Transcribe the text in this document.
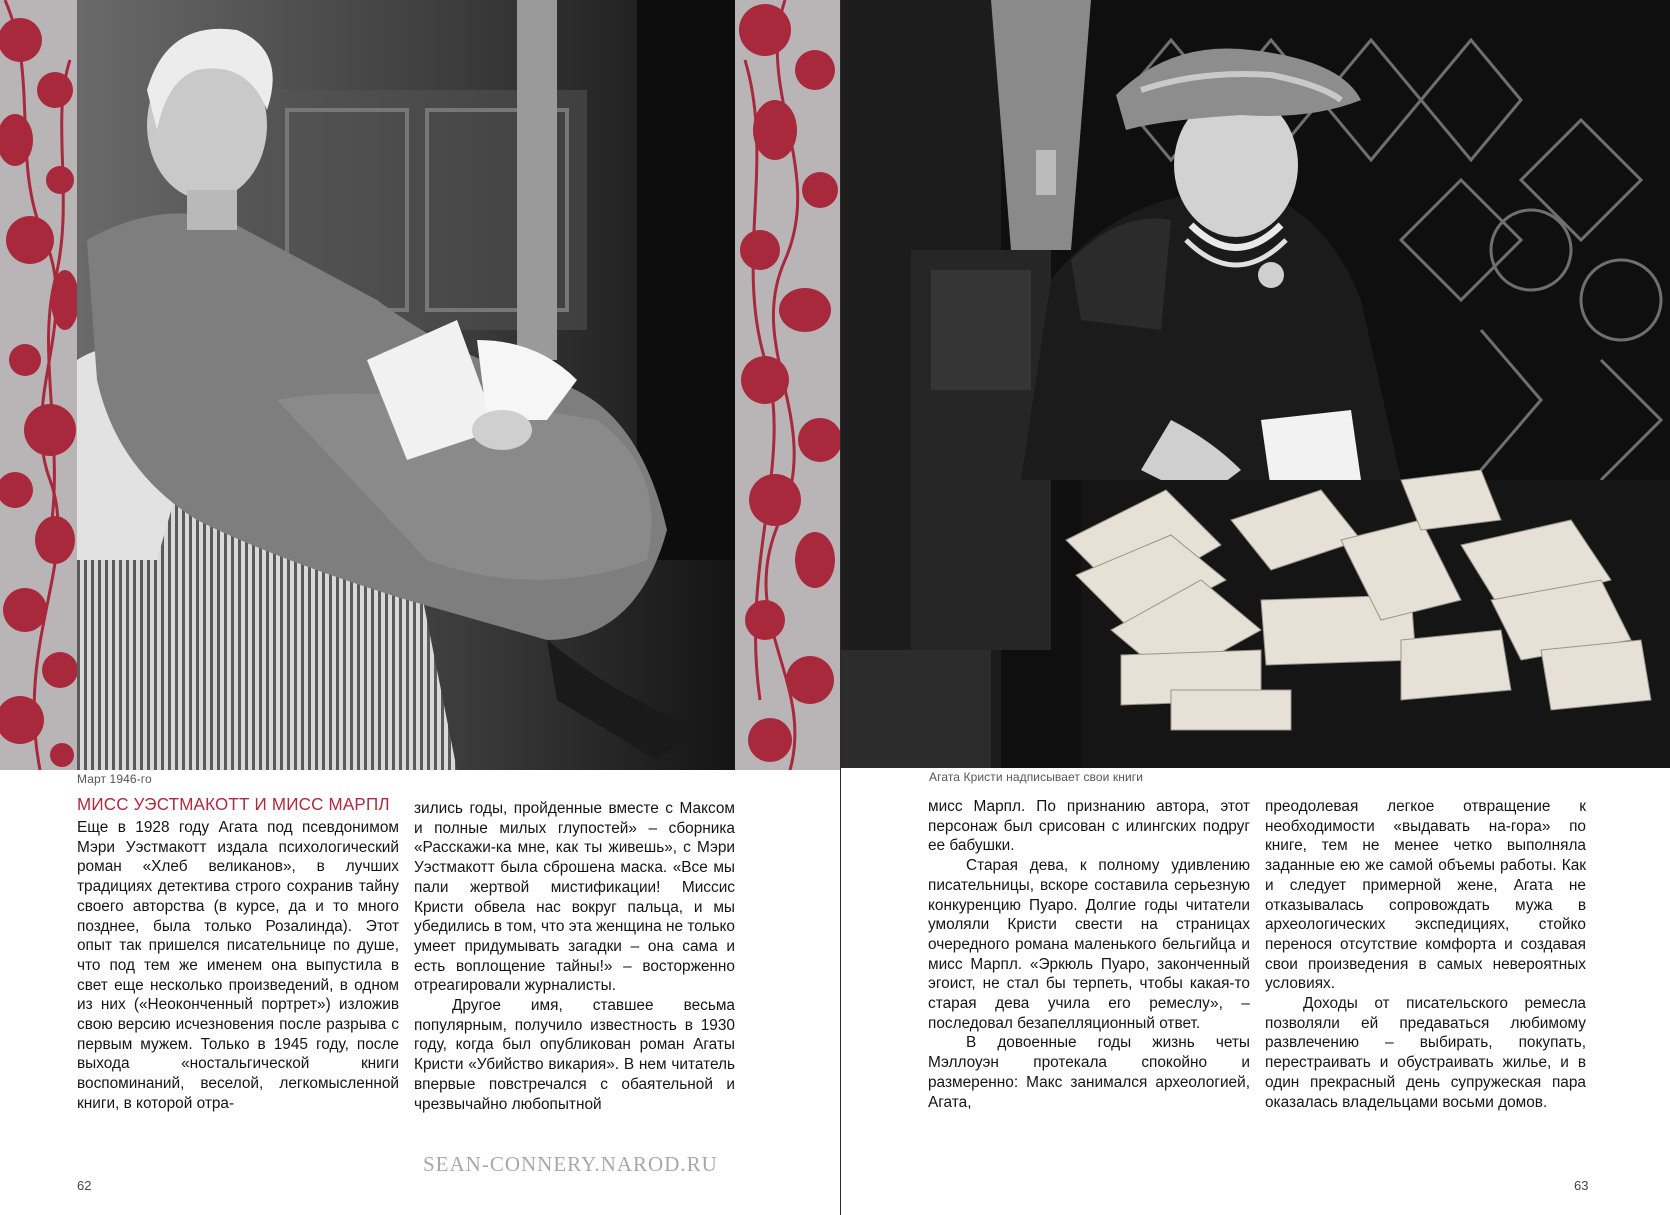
Март 1946-го
МИСС УЭСТМАКОТТ И МИСС МАРПЛ

Еще в 1928 году Агата под псевдонимом Мэри Уэстмакотт издала психологический роман «Хлеб великанов», в лучших традициях детектива строго сохранив тайну своего авторства (в курсе, да и то много позднее, была только Розалинда). Этот опыт так пришелся писательнице по душе, что под тем же именем она выпустила в свет еще несколько произведений, в одном из них («Неоконченный портрет») изложив свою версию исчезновения после разрыва с первым мужем. Только в 1945 году, после выхода «ностальгической книги воспоминаний, веселой, легкомысленной книги, в которой отра-

зились годы, пройденные вместе с Максом и полные милых глупостей» – сборника «Расскажи-ка мне, как ты живешь», с Мэри Уэстмакотт была сброшена маска. «Все мы пали жертвой мистификации! Миссис Кристи обвела нас вокруг пальца, и мы убедились в том, что эта женщина не только умеет придумывать загадки – она сама и есть воплощение тайны!» – восторженно отреагировали журналисты.

Другое имя, ставшее весьма популярным, получило известность в 1930 году, когда был опубликован роман Агаты Кристи «Убийство викария». В нем читатель впервые повстречался с обаятельной и чрезвычайно любопытной

SEAN-CONNERY.NAROD.RU
62
Агата Кристи надписывает свои книги

мисс Марпл. По признанию автора, этот персонаж был срисован с илингских подруг ее бабушки.

Старая дева, к полному удивлению писательницы, вскоре составила серьезную конкуренцию Пуаро. Долгие годы читатели умоляли Кристи свести на страницах очередного романа маленького бельгийца и мисс Марпл. «Эркюль Пуаро, законченный эгоист, не стал бы терпеть, чтобы какая-то старая дева учила его ремеслу», – последовал безапелляционный ответ.

В довоенные годы жизнь четы Мэллоуэн протекала спокойно и размеренно: Макс занимался археологией, Агата,

преодолевая легкое отвращение к необходимости «выдавать на-гора» по книге, тем не менее четко выполняла заданные ею же самой объемы работы. Как и следует примерной жене, Агата не отказывалась сопровождать мужа в археологических экспедициях, стойко перенося отсутствие комфорта и создавая свои произведения в самых невероятных условиях.

Доходы от писательского ремесла позволяли ей предаваться любимому развлечению – выбирать, покупать, перестраивать и обустраивать жилье, и в один прекрасный день супружеская пара оказалась владельцами восьми домов.

63
